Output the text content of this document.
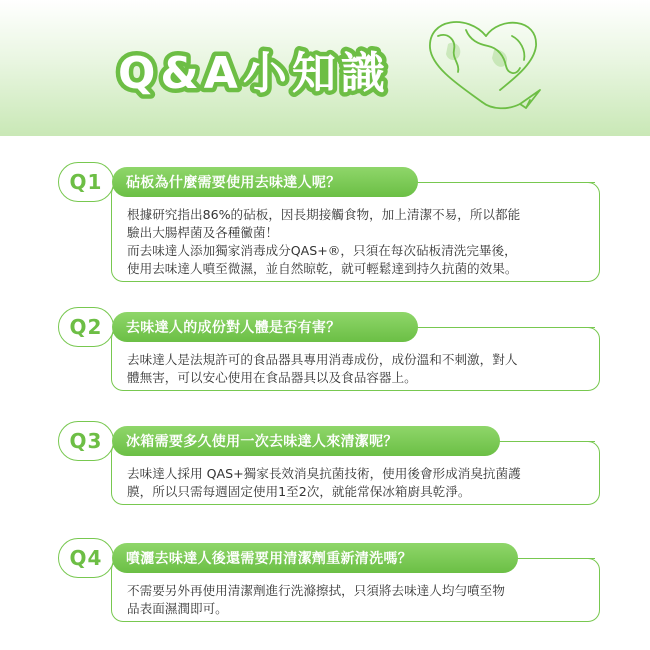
Q&A小知識
Q1	砧板為什麼需要使用去味達人呢？
根據研究指出86%的砧板，因長期接觸食物，加上清潔不易，所以都能
驗出大腸桿菌及各種黴菌！
而去味達人添加獨家消毒成分QAS+®，只須在每次砧板清洗完畢後，
使用去味達人噴至微濕，並自然晾乾，就可輕鬆達到持久抗菌的效果。
Q2	去味達人的成份對人體是否有害？
去味達人是法規許可的食品器具專用消毒成份，成份溫和不刺激，對人
體無害，可以安心使用在食品器具以及食品容器上。
Q3	冰箱需要多久使用一次去味達人來清潔呢？
去味達人採用 QAS+獨家長效消臭抗菌技術，使用後會形成消臭抗菌護
膜，所以只需每週固定使用1至2次，就能常保冰箱廚具乾淨。
Q4	噴灑去味達人後還需要用清潔劑重新清洗嗎？
不需要另外再使用清潔劑進行洗滌擦拭，只須將去味達人均勻噴至物
品表面濕潤即可。
